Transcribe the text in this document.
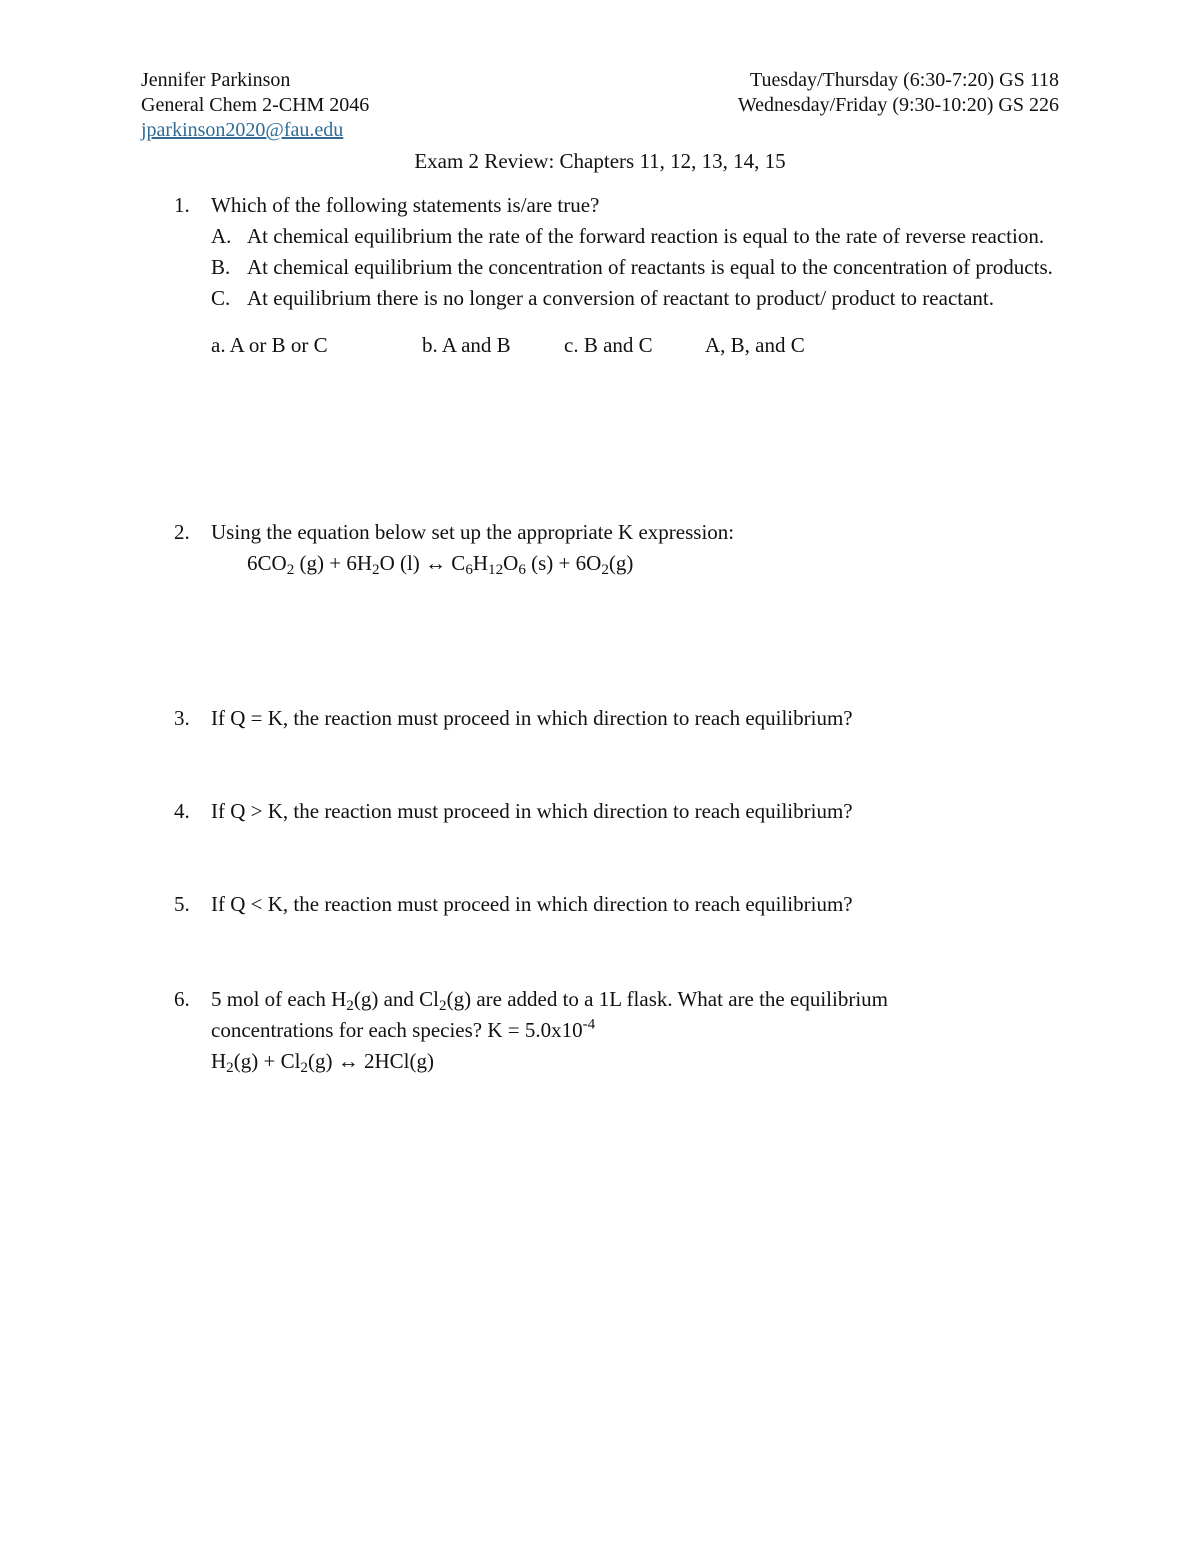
Jennifer Parkinson
General Chem 2-CHM 2046
jparkinson2020@fau.edu
Tuesday/Thursday (6:30-7:20) GS 118
Wednesday/Friday (9:30-10:20) GS 226
Exam 2 Review: Chapters 11, 12, 13, 14, 15
1. Which of the following statements is/are true?
A. At chemical equilibrium the rate of the forward reaction is equal to the rate of reverse reaction.
B. At chemical equilibrium the concentration of reactants is equal to the concentration of products.
C. At equilibrium there is no longer a conversion of reactant to product/ product to reactant.
a. A or B or C	b. A and B	c. B and C A, B, and C
2. Using the equation below set up the appropriate K expression:
$6CO_2$ $(g) + 6H_2O$ (l) ↔ $C_6H_{12}O_6$ $(s) + 6O_2(g)$
3. If Q = K, the reaction must proceed in which direction to reach equilibrium?
4. If Q > K, the reaction must proceed in which direction to reach equilibrium?
5. If Q < K, the reaction must proceed in which direction to reach equilibrium?
6. 5 mol of each $H_2(g)$ and $Cl_2(g)$ are added to a 1L flask. What are the equilibrium
concentrations for each species? $K = 5.0x10^{-4}$
$H_2(g) + Cl_2(g)$ ↔ 2HCl(g)
